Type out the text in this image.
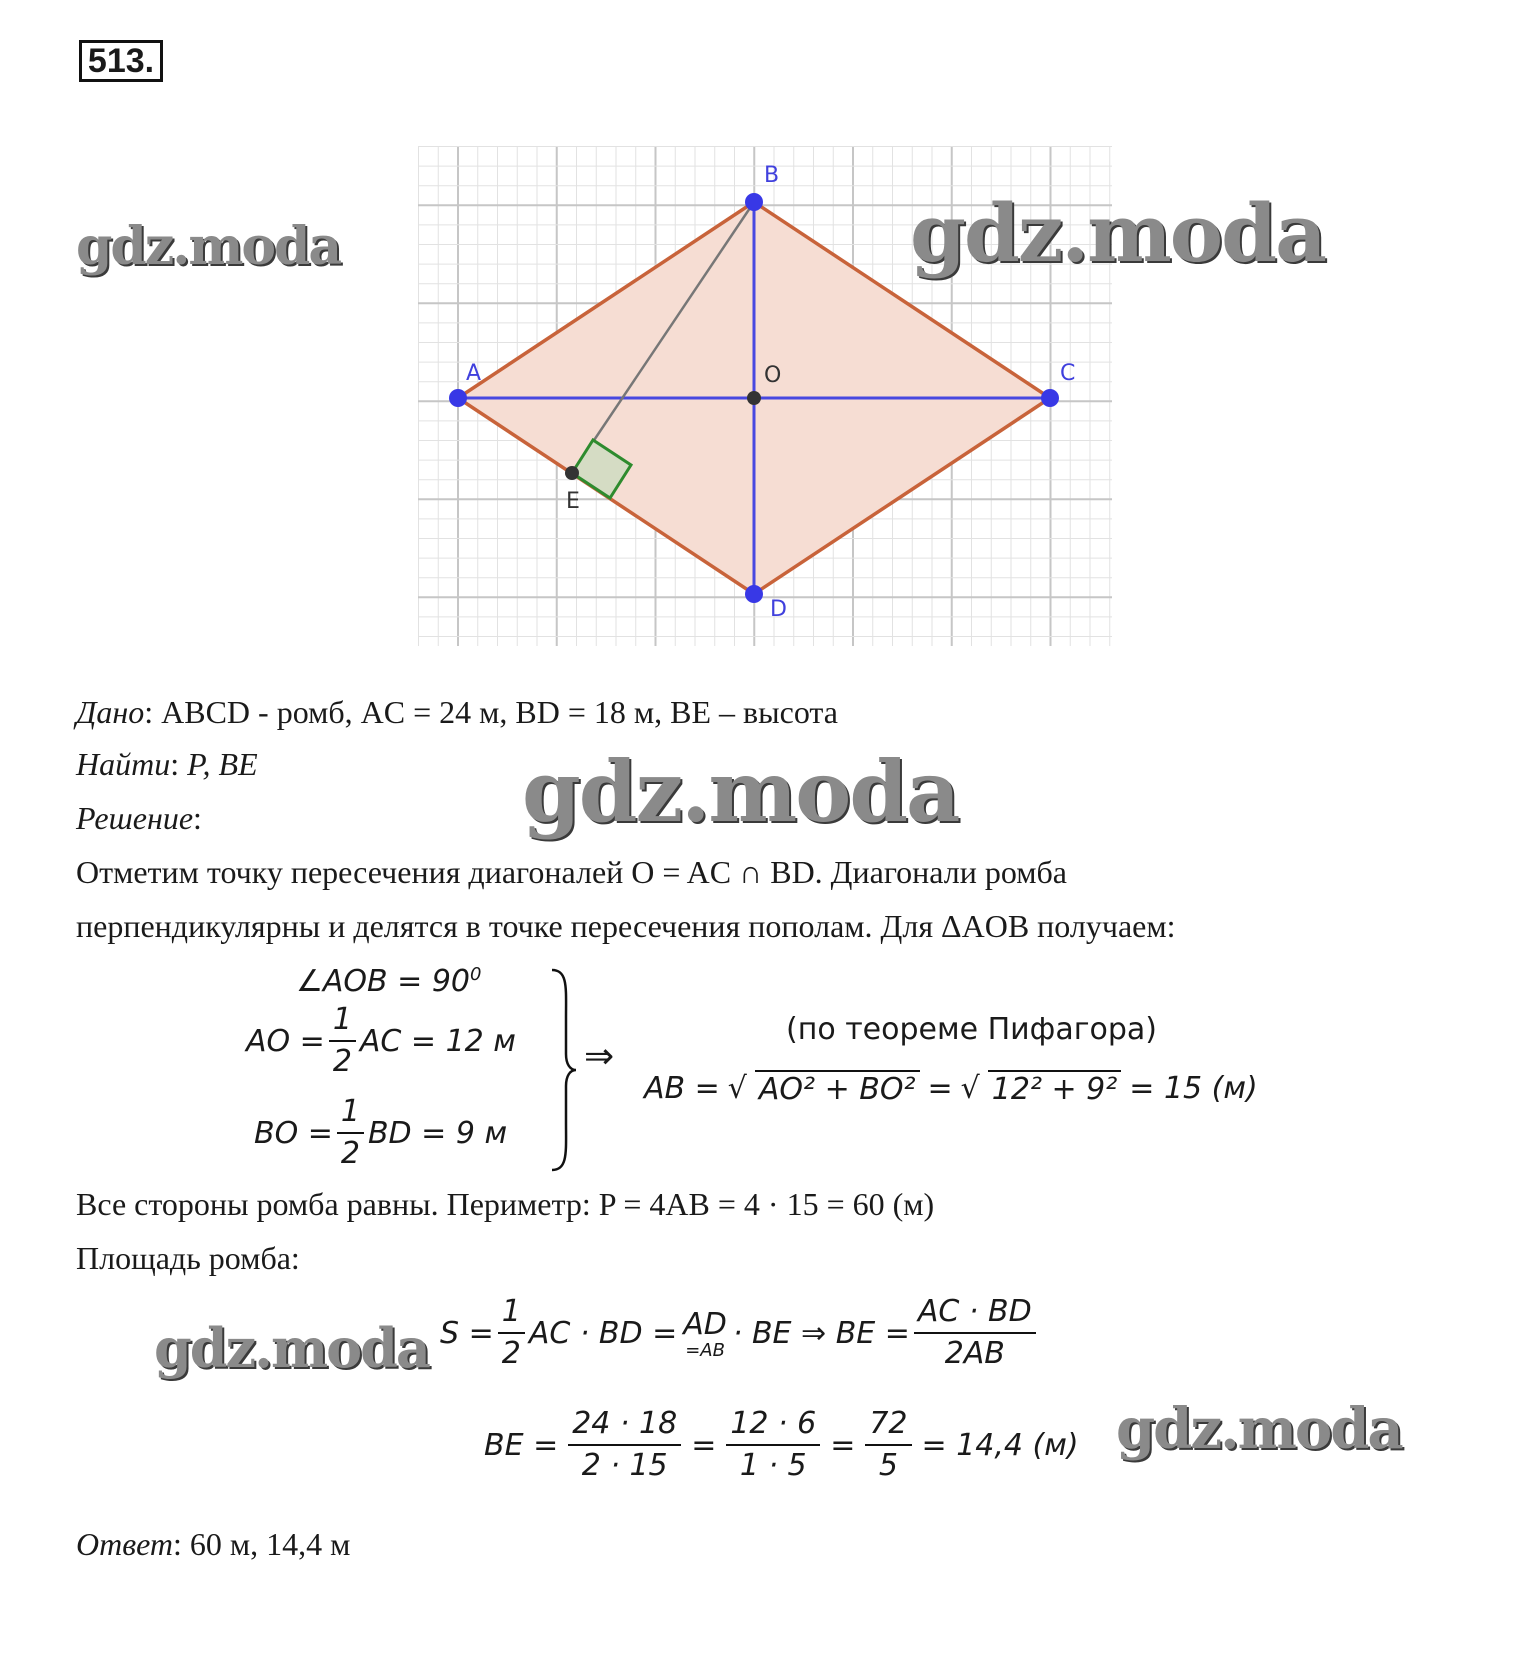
513.
A
B
C
D
O
E
gdz.moda	gdz.moda
gdz.moda
gdz.moda
gdz.moda
Дано: ABCD - ромб, AC = 24 м, BD = 18 м, BE – высота
Найти: P, BE
Решение:
Отметим точку пересечения диагоналей O = AC ∩ BD. Диагонали ромба
перпендикулярны и делятся в точке пересечения пополам. Для ΔAOB получаем:
∠AOB = $90^0$
AO = $\frac{1}{2}$ AC = 12 м
BO = $\frac{1}{2}$ BD = 9 м
⇒
(по теореме Пифагора)
AB = √ AO² + BO² = √ 12² + 9² = 15 (м)
Все стороны ромба равны. Периметр: P = 4AB = 4 · 15 = 60 (м)
Площадь ромба:
$S = \frac{1}{2}$ AC · BD = AD
=AB · BE ⇒ BE = $\frac{AC \cdot BD}{2AB}$
BE = $\frac{24 \cdot 18}{2 \cdot 15} = \frac{12 \cdot 6}{1 \cdot 5} = \frac{72}{5} = 14,4$ (м)
Ответ: 60 м, 14,4 м
